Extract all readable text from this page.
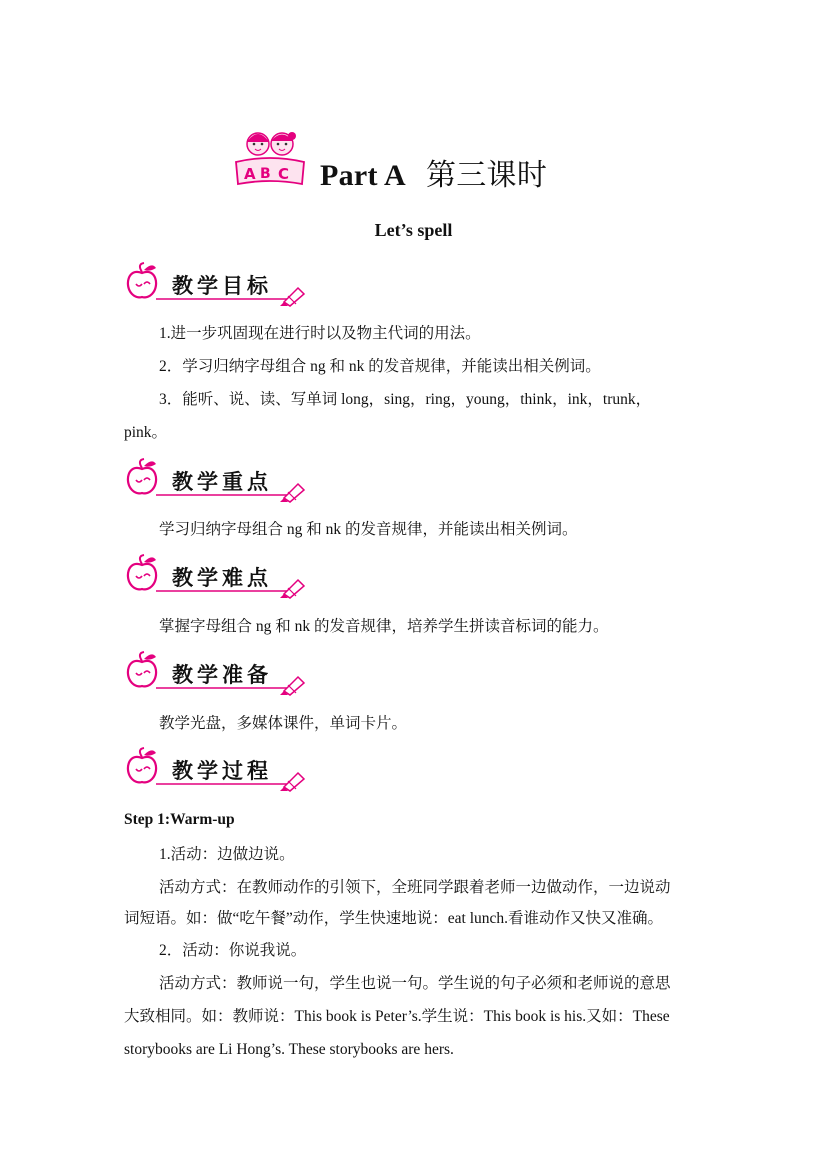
A B C Part A 第三课时
Let’s spell
教学目标
1.进一步巩固现在进行时以及物主代词的用法。
2．学习归纳字母组合 ng 和 nk 的发音规律，并能读出相关例词。
3．能听、说、读、写单词 long，sing，ring，young，think，ink，trunk，
pink。
教学重点
学习归纳字母组合 ng 和 nk 的发音规律，并能读出相关例词。
教学难点
掌握字母组合 ng 和 nk 的发音规律，培养学生拼读音标词的能力。
教学准备
教学光盘，多媒体课件，单词卡片。
教学过程
Step 1:Warm-up
1.活动：边做边说。
活动方式：在教师动作的引领下，全班同学跟着老师一边做动作，一边说动
词短语。如：做“吃午餐”动作，学生快速地说：eat lunch.看谁动作又快又准确。
2．活动：你说我说。
活动方式：教师说一句，学生也说一句。学生说的句子必须和老师说的意思
大致相同。如：教师说：This book is Peter’s.学生说：This book is his.又如：These
storybooks are Li Hong’s. These storybooks are hers.
